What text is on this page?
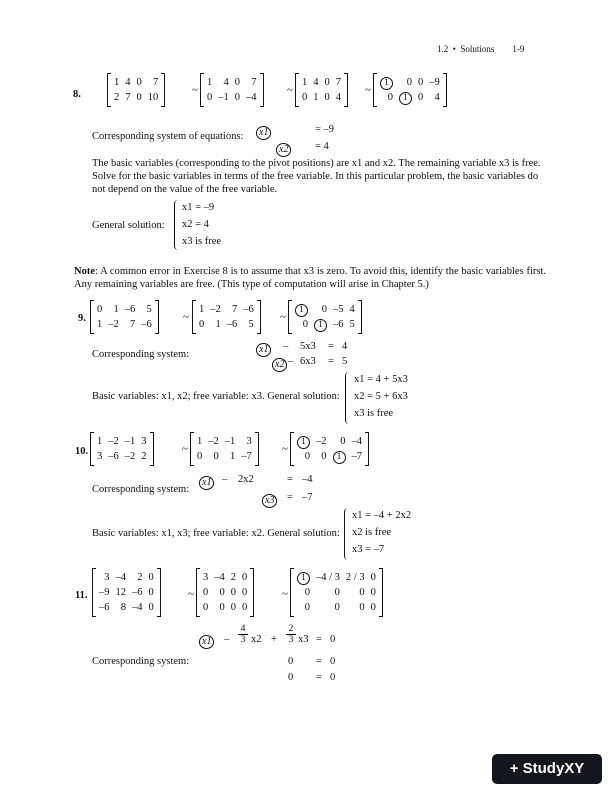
1.2 • Solutions 1-9
8.
1 4 0	7
2 7 0 10
~
1	4 0	7
0 –1 0 –4
~
1 4 0 7
0 1 0 4
~
1	0 0 –9
0	1 0	4
Corresponding system of equations:	x1	= –9
x2	= 4
The basic variables (corresponding to the pivot positions) are x1 and x2. The remaining variable x3 is free. Solve for the basic variables in terms of the free variable. In this particular problem, the basic variables do not depend on the value of the free variable.
General solution:
x1 = –9
x2 = 4
x3 is free
Note: A common error in Exercise 8 is to assume that x3 is zero. To avoid this, identify the basic variables first. Any remaining variables are free. (This type of computation will arise in Chapter 5.)
9.
0	1 –6	5
1 –2	7 –6
~
1 –2	7 –6
0	1 –6	5
~
1	0 –5 4
0	1 –6 5
Corresponding system:	x1 – 5x3 = 4
x2 – 6x3 = 5
Basic variables: x1, x2; free variable: x3. General solution:
x1 = 4 + 5x3
x2 = 5 + 6x3
x3 is free
10.
1 –2 –1 3
3 –6 –2 2
~
1 –2 –1	3
0	0	1 –7
~
1 –2	0 –4
0	0	1 –7
Corresponding system:
x1 – 2x2	= –4
x3 = –7
Basic variables: x1, x3; free variable: x2. General solution:
x1 = –4 + 2x2
x2 is free
x3 = –7
11.
3 –4	2 0
–9 12 –6 0
–6	8 –4 0
~
3 –4 2 0
0	0 0 0
0	0 0 0
~
1 –4 / 3 2 / 3 0
0	0	0 0
0	0	0 0
x1 –
4
3 x2 +
2
3 x3 = 0
Corresponding system:	0 = 0
0 = 0
+ StudyXY
